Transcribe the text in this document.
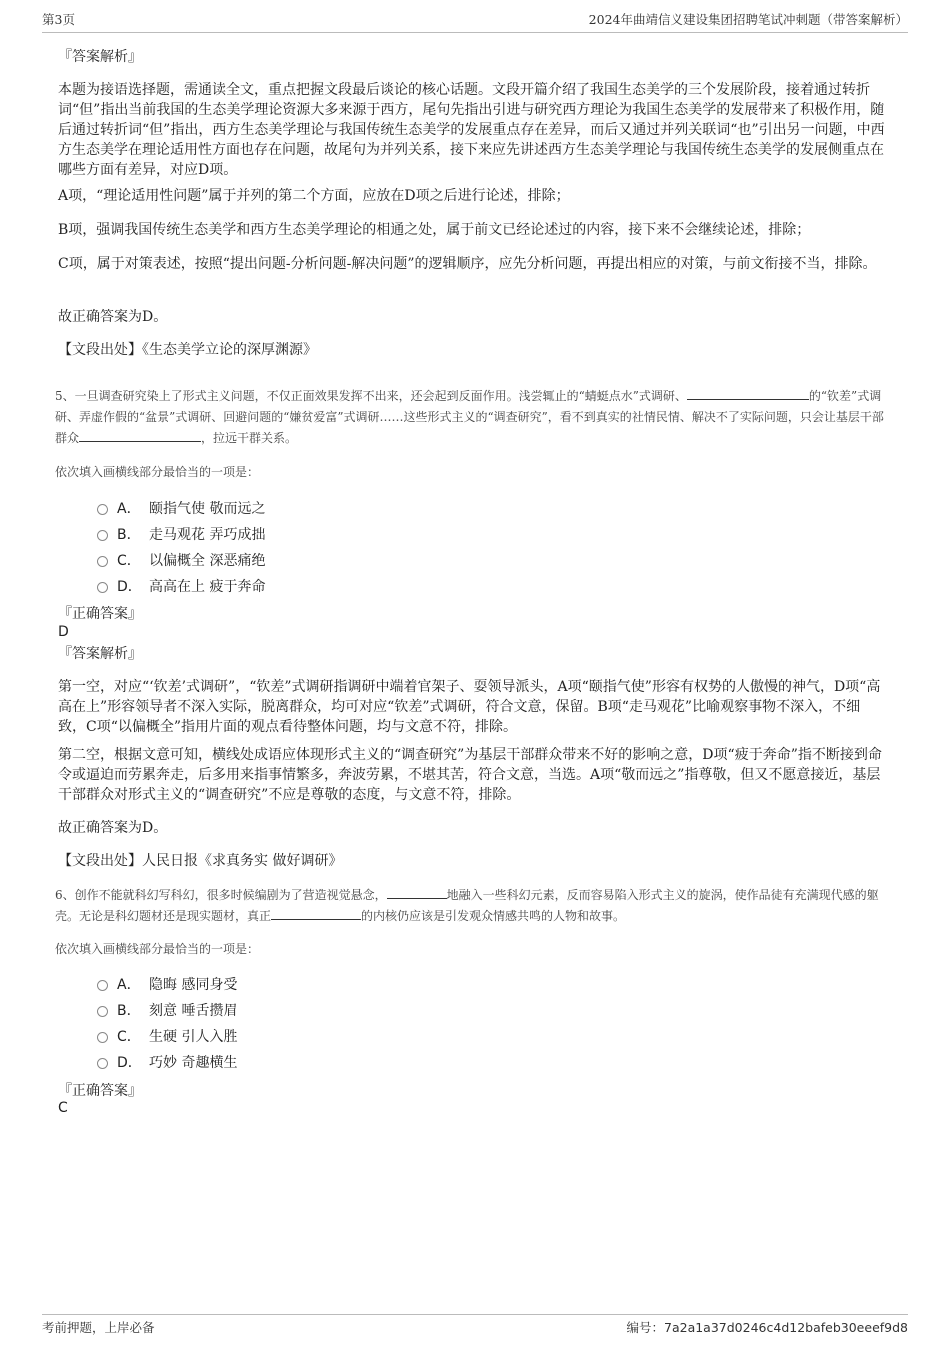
第3页	2024年曲靖信义建设集团招聘笔试冲刺题（带答案解析）
『答案解析』
本题为接语选择题，需通读全文，重点把握文段最后谈论的核心话题。文段开篇介绍了我国生态美学的三个发展阶段，接着通过转折词“但”指出当前我国的生态美学理论资源大多来源于西方，尾句先指出引进与研究西方理论为我国生态美学的发展带来了积极作用，随后通过转折词“但”指出，西方生态美学理论与我国传统生态美学的发展重点存在差异，而后又通过并列关联词“也”引出另一问题，中西方生态美学在理论适用性方面也存在问题，故尾句为并列关系，接下来应先讲述西方生态美学理论与我国传统生态美学的发展侧重点在哪些方面有差异，对应D项。
A项，“理论适用性问题”属于并列的第二个方面，应放在D项之后进行论述，排除；
B项，强调我国传统生态美学和西方生态美学理论的相通之处，属于前文已经论述过的内容，接下来不会继续论述，排除；
C项，属于对策表述，按照“提出问题-分析问题-解决问题”的逻辑顺序，应先分析问题，再提出相应的对策，与前文衔接不当，排除。
故正确答案为D。
【文段出处】《生态美学立论的深厚渊源》
5、一旦调查研究染上了形式主义问题，不仅正面效果发挥不出来，还会起到反面作用。浅尝辄止的“蜻蜓点水”式调研、	的“钦差”式调研、弄虚作假的“盆景”式调研、回避问题的“嫌贫爱富”式调研……这些形式主义的“调查研究”，看不到真实的社情民情、解决不了实际问题，只会让基层干部群众	，拉远干群关系。
依次填入画横线部分最恰当的一项是：
A． 颐指气使 敬而远之
B． 走马观花 弄巧成拙
C． 以偏概全 深恶痛绝
D． 高高在上 疲于奔命
『正确答案』
D
『答案解析』
第一空，对应“‘钦差’式调研”，“钦差”式调研指调研中端着官架子、耍领导派头，A项“颐指气使”形容有权势的人傲慢的神气，D项“高高在上”形容领导者不深入实际，脱离群众，均可对应“钦差”式调研，符合文意，保留。B项“走马观花”比喻观察事物不深入，不细致，C项“以偏概全”指用片面的观点看待整体问题，均与文意不符，排除。
第二空，根据文意可知，横线处成语应体现形式主义的“调查研究”为基层干部群众带来不好的影响之意，D项“疲于奔命”指不断接到命令或逼迫而劳累奔走，后多用来指事情繁多，奔波劳累，不堪其苦，符合文意，当选。A项“敬而远之”指尊敬，但又不愿意接近，基层干部群众对形式主义的“调查研究”不应是尊敬的态度，与文意不符，排除。
故正确答案为D。
【文段出处】人民日报《求真务实 做好调研》
6、创作不能就科幻写科幻，很多时候编剧为了营造视觉悬念，	地融入一些科幻元素，反而容易陷入形式主义的旋涡，使作品徒有充满现代感的躯壳。无论是科幻题材还是现实题材，真正	的内核仍应该是引发观众情感共鸣的人物和故事。
依次填入画横线部分最恰当的一项是：
A． 隐晦 感同身受
B． 刻意 唾舌攒眉
C． 生硬 引人入胜
D． 巧妙 奇趣横生
『正确答案』
C
考前押题，上岸必备	编号：7a2a1a37d0246c4d12bafeb30eeef9d8
